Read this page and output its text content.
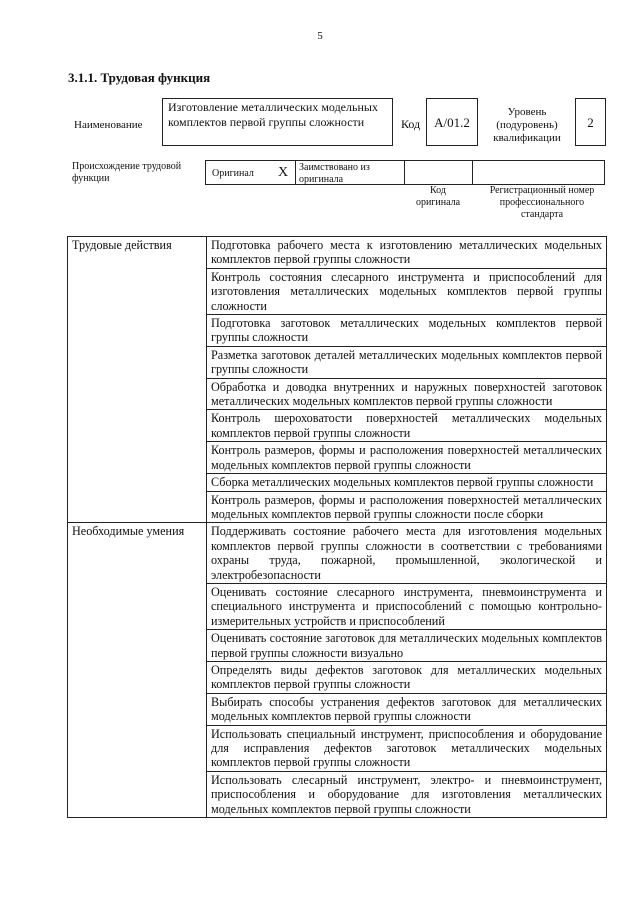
5
3.1.1. Трудовая функция
Наименование
Изготовление металлических модельных комплектов первой группы сложности	Код	A/01.2
Уровень (подуровень) квалификации
2
Происхождение трудовой функции	Оригинал X Заимствовано из оригинала
Код оригинала
Регистрационный номер профессионального стандарта
Трудовые действия	Подготовка рабочего места к изготовлению металлических модельных комплектов первой группы сложности
	Контроль состояния слесарного инструмента и приспособлений для изготовления металлических модельных комплектов первой группы сложности
	Подготовка заготовок металлических модельных комплектов первой группы сложности
	Разметка заготовок деталей металлических модельных комплектов первой группы сложности
	Обработка и доводка внутренних и наружных поверхностей заготовок металлических модельных комплектов первой группы сложности
	Контроль шероховатости поверхностей металлических модельных комплектов первой группы сложности
	Контроль размеров, формы и расположения поверхностей металлических модельных комплектов первой группы сложности
	Сборка металлических модельных комплектов первой группы сложности
	Контроль размеров, формы и расположения поверхностей металлических модельных комплектов первой группы сложности после сборки
Необходимые умения	Поддерживать состояние рабочего места для изготовления модельных комплектов первой группы сложности в соответствии с требованиями охраны труда, пожарной, промышленной, экологической и электробезопасности
	Оценивать состояние слесарного инструмента, пневмоинструмента и специального инструмента и приспособлений с помощью контрольно-измерительных устройств и приспособлений
	Оценивать состояние заготовок для металлических модельных комплектов первой группы сложности визуально
	Определять виды дефектов заготовок для металлических модельных комплектов первой группы сложности
	Выбирать способы устранения дефектов заготовок для металлических модельных комплектов первой группы сложности
	Использовать специальный инструмент, приспособления и оборудование для исправления дефектов заготовок металлических модельных комплектов первой группы сложности
	Использовать слесарный инструмент, электро- и пневмоинструмент, приспособления и оборудование для изготовления металлических модельных комплектов первой группы сложности
